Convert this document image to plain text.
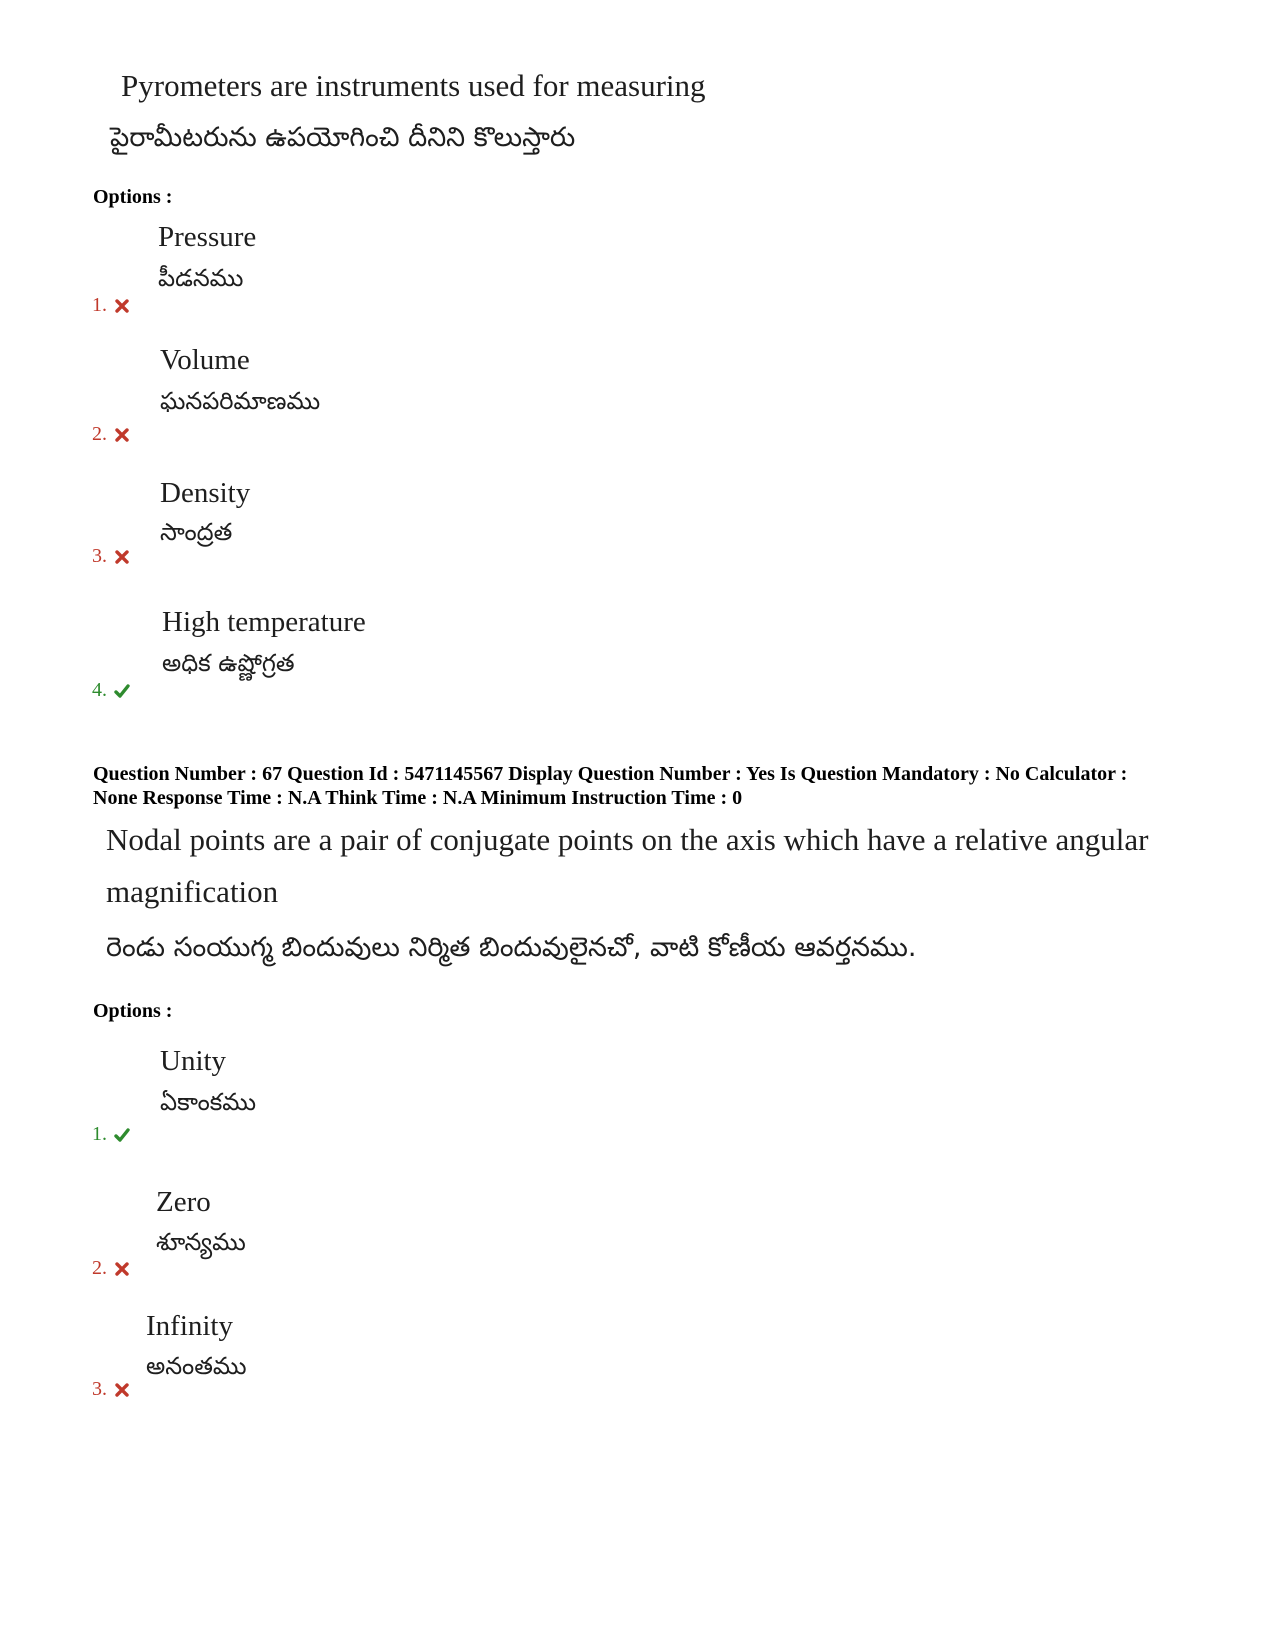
Pyrometers are instruments used for measuring
పైరామీటరును ఉపయోగించి దీనిని కొలుస్తారు
Options :
Pressure
పీడనము
1.
Volume
ఘనపరిమాణము
2.
Density
సాంద్రత
3.
High temperature
అధిక ఉష్ణోగ్రత
4.
Question Number : 67 Question Id : 5471145567 Display Question Number : Yes Is Question Mandatory : No Calculator : None Response Time : N.A Think Time : N.A Minimum Instruction Time : 0
Nodal points are a pair of conjugate points on the axis which have a relative angular
magnification
రెండు సంయుగ్మ బిందువులు నిర్మిత బిందువులైనచో, వాటి కోణీయ ఆవర్తనము.
Options :
Unity
ఏకాంకము
1.
Zero
శూన్యము
2.
Infinity
అనంతము
3.
